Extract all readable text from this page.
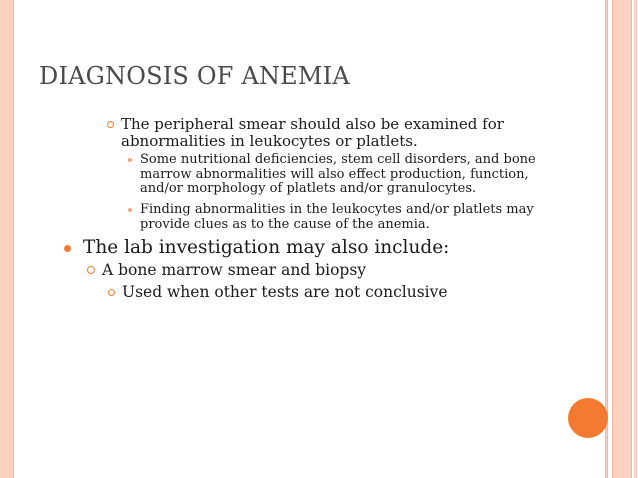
DIAGNOSIS OF ANEMIA
The peripheral smear should also be examined for
abnormalities in leukocytes or platlets.
Some nutritional deficiencies, stem cell disorders, and bone
marrow abnormalities will also effect production, function,
and/or morphology of platlets and/or granulocytes.
Finding abnormalities in the leukocytes and/or platlets may
provide clues as to the cause of the anemia.
The lab investigation may also include:
A bone marrow smear and biopsy
Used when other tests are not conclusive
